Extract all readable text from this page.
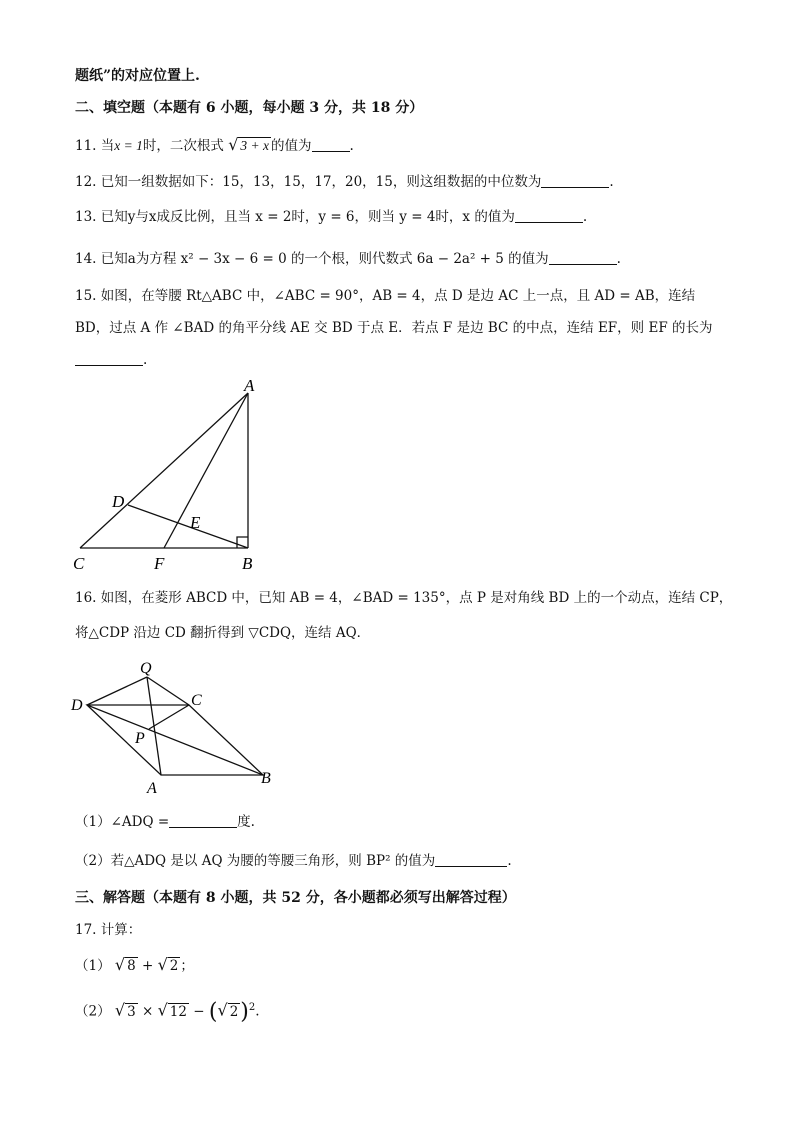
题纸”的对应位置上.
二、填空题（本题有 6 小题，每小题 3 分，共 18 分）
11. 当x = 1时，二次根式 √ 3 + x 的值为	.
12. 已知一组数据如下：15，13，15，17，20，15，则这组数据的中位数为	.
13. 已知y与x成反比例，且当 x = 2时，y = 6，则当 y = 4时，x 的值为	.
14. 已知a为方程 x² − 3x − 6 = 0 的一个根，则代数式 6a − 2a² + 5 的值为	.
15. 如图，在等腰 Rt△ABC 中，∠ABC = 90°，AB = 4，点 D 是边 AC 上一点，且 AD = AB，连结
BD，过点 A 作 ∠BAD 的角平分线 AE 交 BD 于点 E．若点 F 是边 BC 的中点，连结 EF，则 EF 的长为
.
A
B
C
D
E
F
16. 如图，在菱形 ABCD 中，已知 AB = 4，∠BAD = 135°，点 P 是对角线 BD 上的一个动点，连结 CP，
将△CDP 沿边 CD 翻折得到 ▽CDQ，连结 AQ．
Q
C
D
P
A
B
（1）∠ADQ =	度.
（2）若△ADQ 是以 AQ 为腰的等腰三角形，则 BP² 的值为	.
三、解答题（本题有 8 小题，共 52 分，各小题都必须写出解答过程）
17. 计算：
（1） √ 8 + √ 2 ；
（2） √ 3 × √ 12 − (√ 2)$^2$.
